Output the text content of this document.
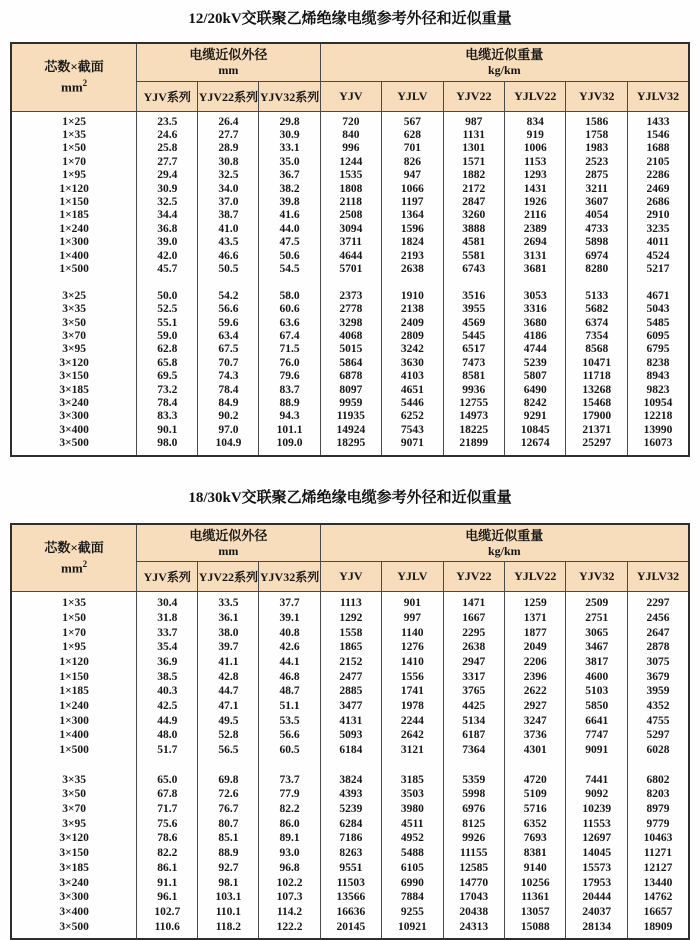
12/20kV交联聚乙烯绝缘电缆参考外径和近似重量
芯数×截面
$mm^2$

电缆近似外径
mm

电缆近似重量
kg/km

	YJV系列	YJV22系列	YJV32系列	YJV	YJLV	YJV22	YJLV22	YJV32	YJLV32
1×25	23.5	26.4	29.8	720	567	987	834	1586	1433
1×35	24.6	27.7	30.9	840	628	1131	919	1758	1546
1×50	25.8	28.9	33.1	996	701	1301	1006	1983	1688
1×70	27.7	30.8	35.0	1244	826	1571	1153	2523	2105
1×95	29.4	32.5	36.7	1535	947	1882	1293	2875	2286
1×120	30.9	34.0	38.2	1808	1066	2172	1431	3211	2469
1×150	32.5	37.0	39.8	2118	1197	2847	1926	3607	2686
1×185	34.4	38.7	41.6	2508	1364	3260	2116	4054	2910
1×240	36.8	41.0	44.0	3094	1596	3888	2389	4733	3235
1×300	39.0	43.5	47.5	3711	1824	4581	2694	5898	4011
1×400	42.0	46.6	50.6	4644	2193	5581	3131	6974	4524
1×500	45.7	50.5	54.5	5701	2638	6743	3681	8280	5217

3×25	50.0	54.2	58.0	2373	1910	3516	3053	5133	4671
3×35	52.5	56.6	60.6	2778	2138	3955	3316	5682	5043
3×50	55.1	59.6	63.6	3298	2409	4569	3680	6374	5485
3×70	59.0	63.4	67.4	4068	2809	5445	4186	7354	6095
3×95	62.8	67.5	71.5	5015	3242	6517	4744	8568	6795
3×120	65.8	70.7	76.0	5864	3630	7473	5239	10471	8238
3×150	69.5	74.3	79.6	6878	4103	8581	5807	11718	8943
3×185	73.2	78.4	83.7	8097	4651	9936	6490	13268	9823
3×240	78.4	84.9	88.9	9959	5446	12755	8242	15468	10954
3×300	83.3	90.2	94.3	11935	6252	14973	9291	17900	12218
3×400	90.1	97.0	101.1	14924	7543	18225	10845	21371	13990
3×500	98.0	104.9	109.0	18295	9071	21899	12674	25297	16073
18/30kV交联聚乙烯绝缘电缆参考外径和近似重量
芯数×截面
$mm^2$

电缆近似外径
mm

电缆近似重量
kg/km

	YJV系列	YJV22系列	YJV32系列	YJV	YJLV	YJV22	YJLV22	YJV32	YJLV32
1×35	30.4	33.5	37.7	1113	901	1471	1259	2509	2297
1×50	31.8	36.1	39.1	1292	997	1667	1371	2751	2456
1×70	33.7	38.0	40.8	1558	1140	2295	1877	3065	2647
1×95	35.4	39.7	42.6	1865	1276	2638	2049	3467	2878
1×120	36.9	41.1	44.1	2152	1410	2947	2206	3817	3075
1×150	38.5	42.8	46.8	2477	1556	3317	2396	4600	3679
1×185	40.3	44.7	48.7	2885	1741	3765	2622	5103	3959
1×240	42.5	47.1	51.1	3477	1978	4425	2927	5850	4352
1×300	44.9	49.5	53.5	4131	2244	5134	3247	6641	4755
1×400	48.0	52.8	56.6	5093	2642	6187	3736	7747	5297
1×500	51.7	56.5	60.5	6184	3121	7364	4301	9091	6028

3×35	65.0	69.8	73.7	3824	3185	5359	4720	7441	6802
3×50	67.8	72.6	77.9	4393	3503	5998	5109	9092	8203
3×70	71.7	76.7	82.2	5239	3980	6976	5716	10239	8979
3×95	75.6	80.7	86.0	6284	4511	8125	6352	11553	9779
3×120	78.6	85.1	89.1	7186	4952	9926	7693	12697	10463
3×150	82.2	88.9	93.0	8263	5488	11155	8381	14045	11271
3×185	86.1	92.7	96.8	9551	6105	12585	9140	15573	12127
3×240	91.1	98.1	102.2	11503	6990	14770	10256	17953	13440
3×300	96.1	103.1	107.3	13566	7884	17043	11361	20444	14762
3×400	102.7	110.1	114.2	16636	9255	20438	13057	24037	16657
3×500	110.6	118.2	122.2	20145	10921	24313	15088	28134	18909
